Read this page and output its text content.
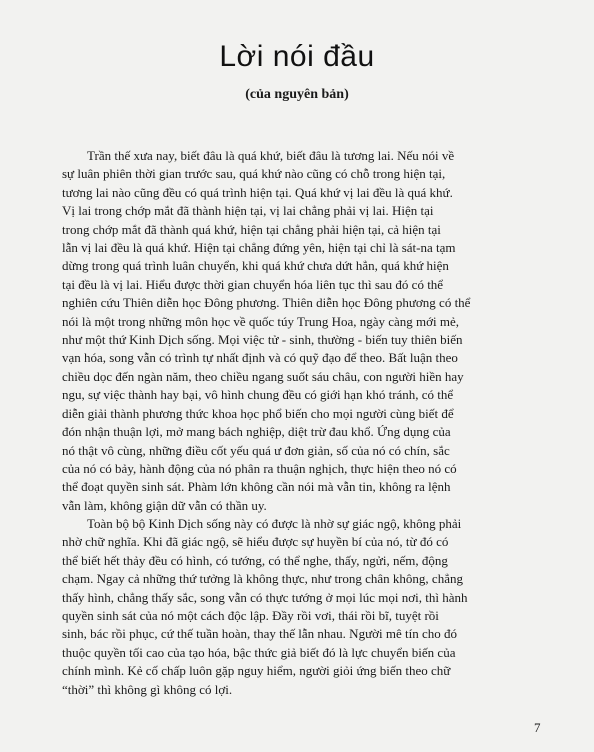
Lời nói đầu
(của nguyên bản)
Trần thế xưa nay, biết đâu là quá khứ, biết đâu là tương lai. Nếu nói về
sự luân phiên thời gian trước sau, quá khứ nào cũng có chỗ trong hiện tại,
tương lai nào cũng đều có quá trình hiện tại. Quá khứ vị lai đều là quá khứ.
Vị lai trong chớp mắt đã thành hiện tại, vị lai chẳng phải vị lai. Hiện tại
trong chớp mắt đã thành quá khứ, hiện tại chẳng phải hiện tại, cả hiện tại
lẫn vị lai đều là quá khứ. Hiện tại chẳng đứng yên, hiện tại chỉ là sát-na tạm
dừng trong quá trình luân chuyển, khi quá khứ chưa dứt hẳn, quá khứ hiện
tại đều là vị lai. Hiểu được thời gian chuyển hóa liên tục thì sau đó có thể
nghiên cứu Thiên diễn học Đông phương. Thiên diễn học Đông phương có thể
nói là một trong những môn học về quốc túy Trung Hoa, ngày càng mới mẻ,
như một thứ Kinh Dịch sống. Mọi việc tử - sinh, thường - biến tuy thiên biến
vạn hóa, song vẫn có trình tự nhất định và có quỹ đạo để theo. Bất luận theo
chiều dọc đến ngàn năm, theo chiều ngang suốt sáu châu, con người hiền hay
ngu, sự việc thành hay bại, vô hình chung đều có giới hạn khó tránh, có thể
diễn giải thành phương thức khoa học phổ biến cho mọi người cùng biết để
đón nhận thuận lợi, mở mang bách nghiệp, diệt trừ đau khổ. Ứng dụng của
nó thật vô cùng, những điều cốt yếu quá ư đơn giản, số của nó có chín, sắc
của nó có bảy, hành động của nó phân ra thuận nghịch, thực hiện theo nó có
thể đoạt quyền sinh sát. Phàm lớn không cần nói mà vẫn tin, không ra lệnh
vẫn làm, không giận dữ vẫn có thần uy.
Toàn bộ bộ Kinh Dịch sống này có được là nhờ sự giác ngộ, không phải
nhờ chữ nghĩa. Khi đã giác ngộ, sẽ hiểu được sự huyền bí của nó, từ đó có
thể biết hết thảy đều có hình, có tướng, có thể nghe, thấy, ngửi, nếm, động
chạm. Ngay cả những thứ tưởng là không thực, như trong chân không, chẳng
thấy hình, chẳng thấy sắc, song vẫn có thực tướng ở mọi lúc mọi nơi, thì hành
quyền sinh sát của nó một cách độc lập. Đầy rồi vơi, thái rồi bĩ, tuyệt rồi
sinh, bác rồi phục, cứ thế tuần hoàn, thay thế lẫn nhau. Người mê tín cho đó
thuộc quyền tối cao của tạo hóa, bậc thức giả biết đó là lực chuyển biến của
chính mình. Kẻ cố chấp luôn gặp nguy hiểm, người giỏi ứng biến theo chữ
“thời” thì không gì không có lợi.
7
